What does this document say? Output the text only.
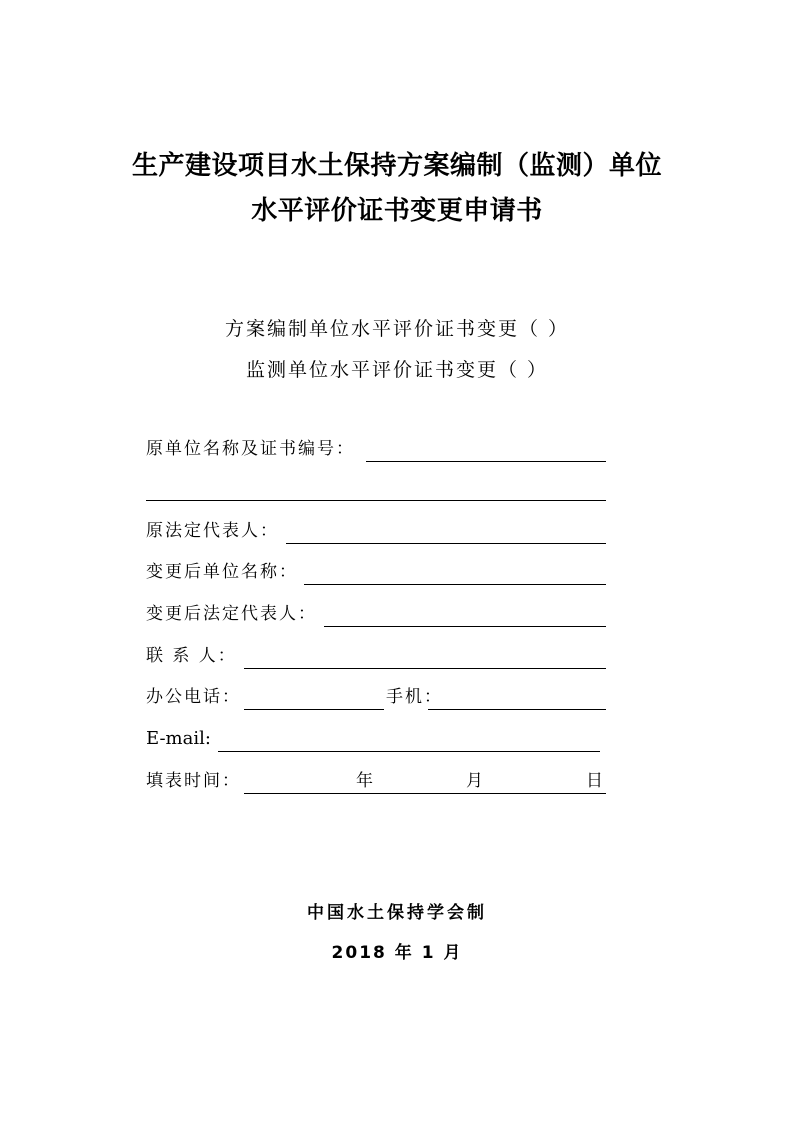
生产建设项目水土保持方案编制（监测）单位
水平评价证书变更申请书
方案编制单位水平评价证书变更（ ）
监测单位水平评价证书变更（ ）
原单位名称及证书编号：
原法定代表人：
变更后单位名称：
变更后法定代表人：
联 系 人：
办公电话：	手机：
E-mail:
填表时间：	年	月	日
中国水土保持学会制
2018 年 1 月
